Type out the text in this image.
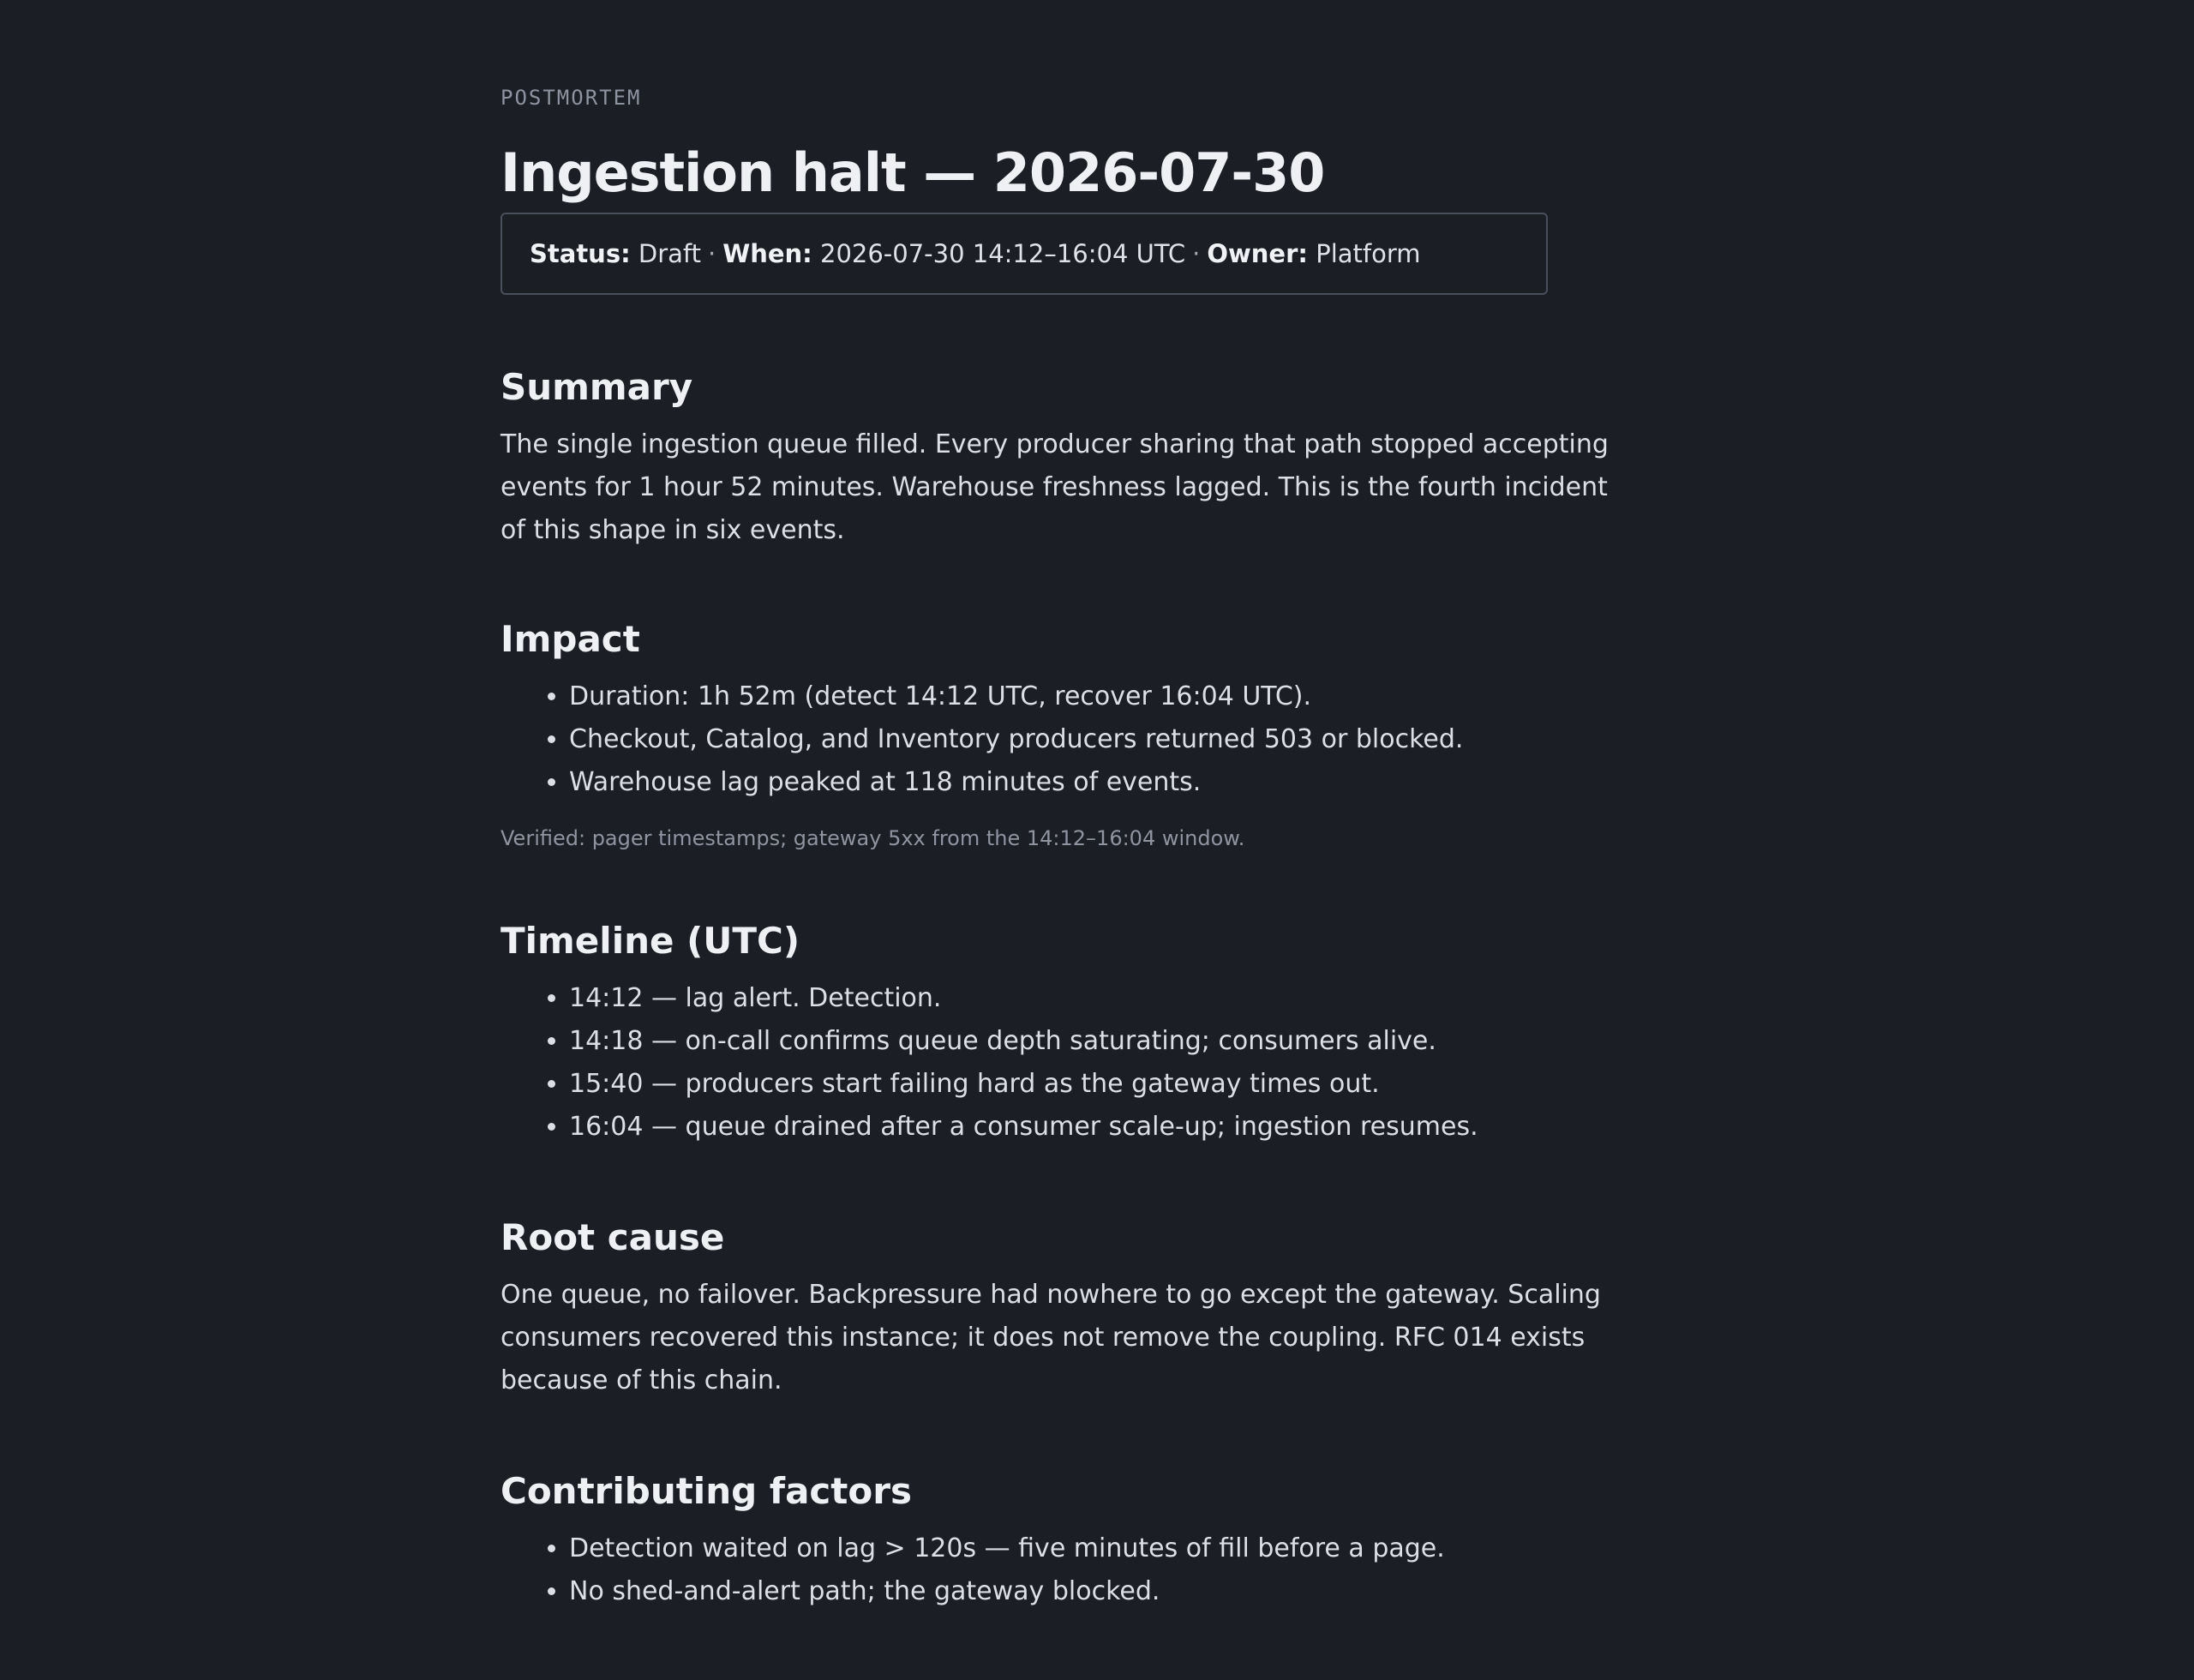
POSTMORTEM
Ingestion halt — 2026-07-30
Status:
Draft · When:
2026-07-30 14:12–16:04 UTC · Owner:
Platform
Summary

The single ingestion queue filled. Every producer sharing that path stopped accepting events for 1 hour 52 minutes. Warehouse freshness lagged. This is the fourth incident of this shape in six events.

Impact
• Duration: 1h 52m (detect 14:12 UTC, recover 16:04 UTC).
• Checkout, Catalog, and Inventory producers returned 503 or blocked.
• Warehouse lag peaked at 118 minutes of events.
Verified: pager timestamps; gateway 5xx from the 14:12–16:04 window.
Timeline (UTC)
• 14:12 — lag alert. Detection.
• 14:18 — on-call confirms queue depth saturating; consumers alive.
• 15:40 — producers start failing hard as the gateway times out.
• 16:04 — queue drained after a consumer scale-up; ingestion resumes.
Root cause

One queue, no failover. Backpressure had nowhere to go except the gateway. Scaling consumers recovered this instance; it does not remove the coupling. RFC 014 exists because of this chain.

Contributing factors
• Detection waited on lag > 120s — five minutes of fill before a page.
• No shed-and-alert path; the gateway blocked.
